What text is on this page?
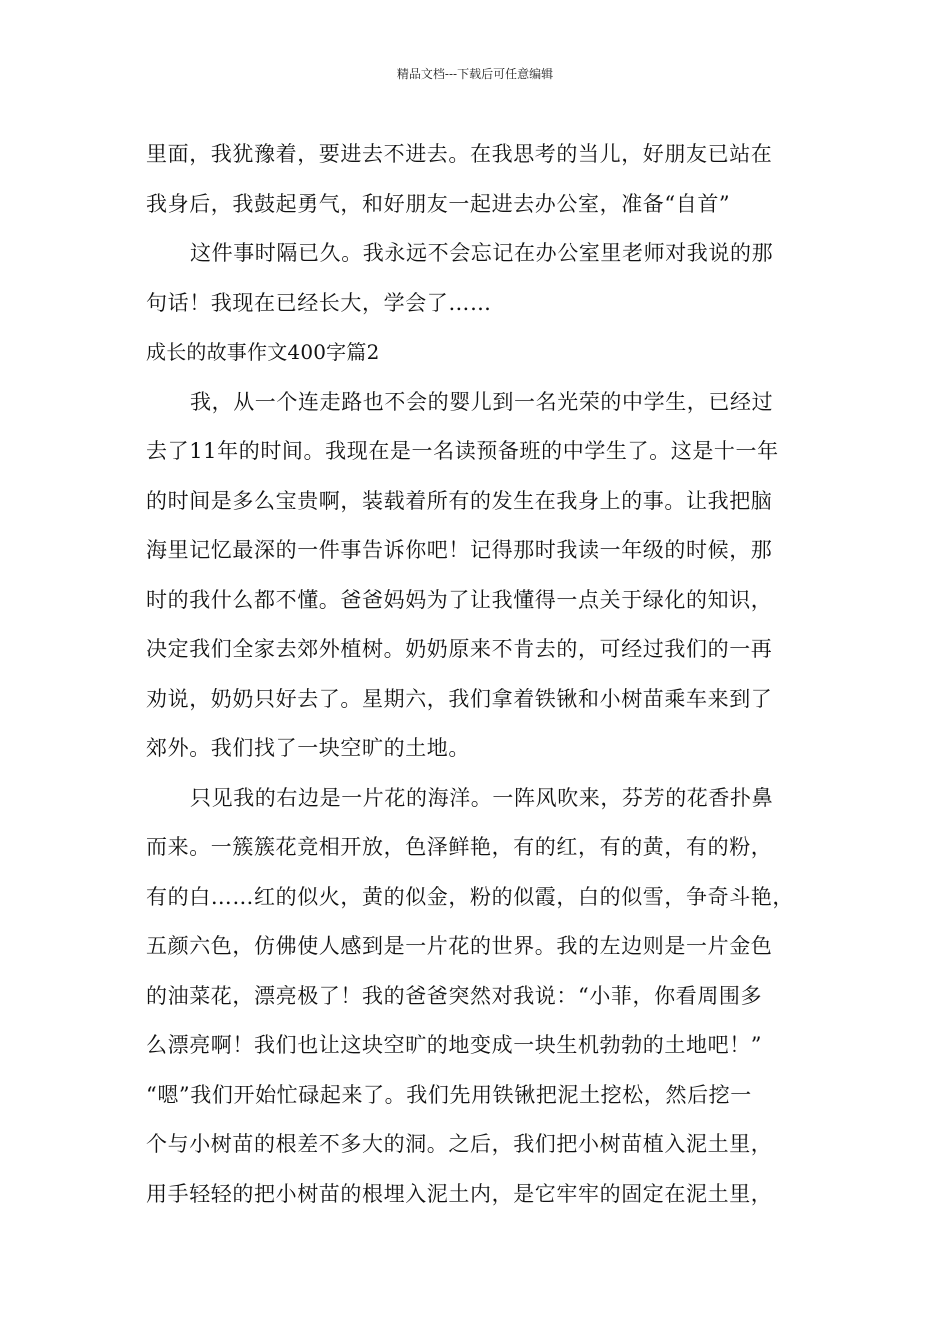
精品文档---下载后可任意编辑
里面，我犹豫着，要进去不进去。在我思考的当儿，好朋友已站在
我身后，我鼓起勇气，和好朋友一起进去办公室，准备“自首”
这件事时隔已久。我永远不会忘记在办公室里老师对我说的那
句话！我现在已经长大，学会了……
成长的故事作文400字篇2
我，从一个连走路也不会的婴儿到一名光荣的中学生，已经过
去了11年的时间。我现在是一名读预备班的中学生了。这是十一年
的时间是多么宝贵啊，装载着所有的发生在我身上的事。让我把脑
海里记忆最深的一件事告诉你吧！记得那时我读一年级的时候，那
时的我什么都不懂。爸爸妈妈为了让我懂得一点关于绿化的知识，
决定我们全家去郊外植树。奶奶原来不肯去的，可经过我们的一再
劝说，奶奶只好去了。星期六，我们拿着铁锹和小树苗乘车来到了
郊外。我们找了一块空旷的土地。
只见我的右边是一片花的海洋。一阵风吹来，芬芳的花香扑鼻
而来。一簇簇花竞相开放，色泽鲜艳，有的红，有的黄，有的粉，
有的白……红的似火，黄的似金，粉的似霞，白的似雪，争奇斗艳，
五颜六色，仿佛使人感到是一片花的世界。我的左边则是一片金色
的油菜花，漂亮极了！我的爸爸突然对我说：“小菲，你看周围多
么漂亮啊！我们也让这块空旷的地变成一块生机勃勃的土地吧！”
“嗯”我们开始忙碌起来了。我们先用铁锹把泥土挖松，然后挖一
个与小树苗的根差不多大的洞。之后，我们把小树苗植入泥土里，
用手轻轻的把小树苗的根埋入泥土内，是它牢牢的固定在泥土里，
